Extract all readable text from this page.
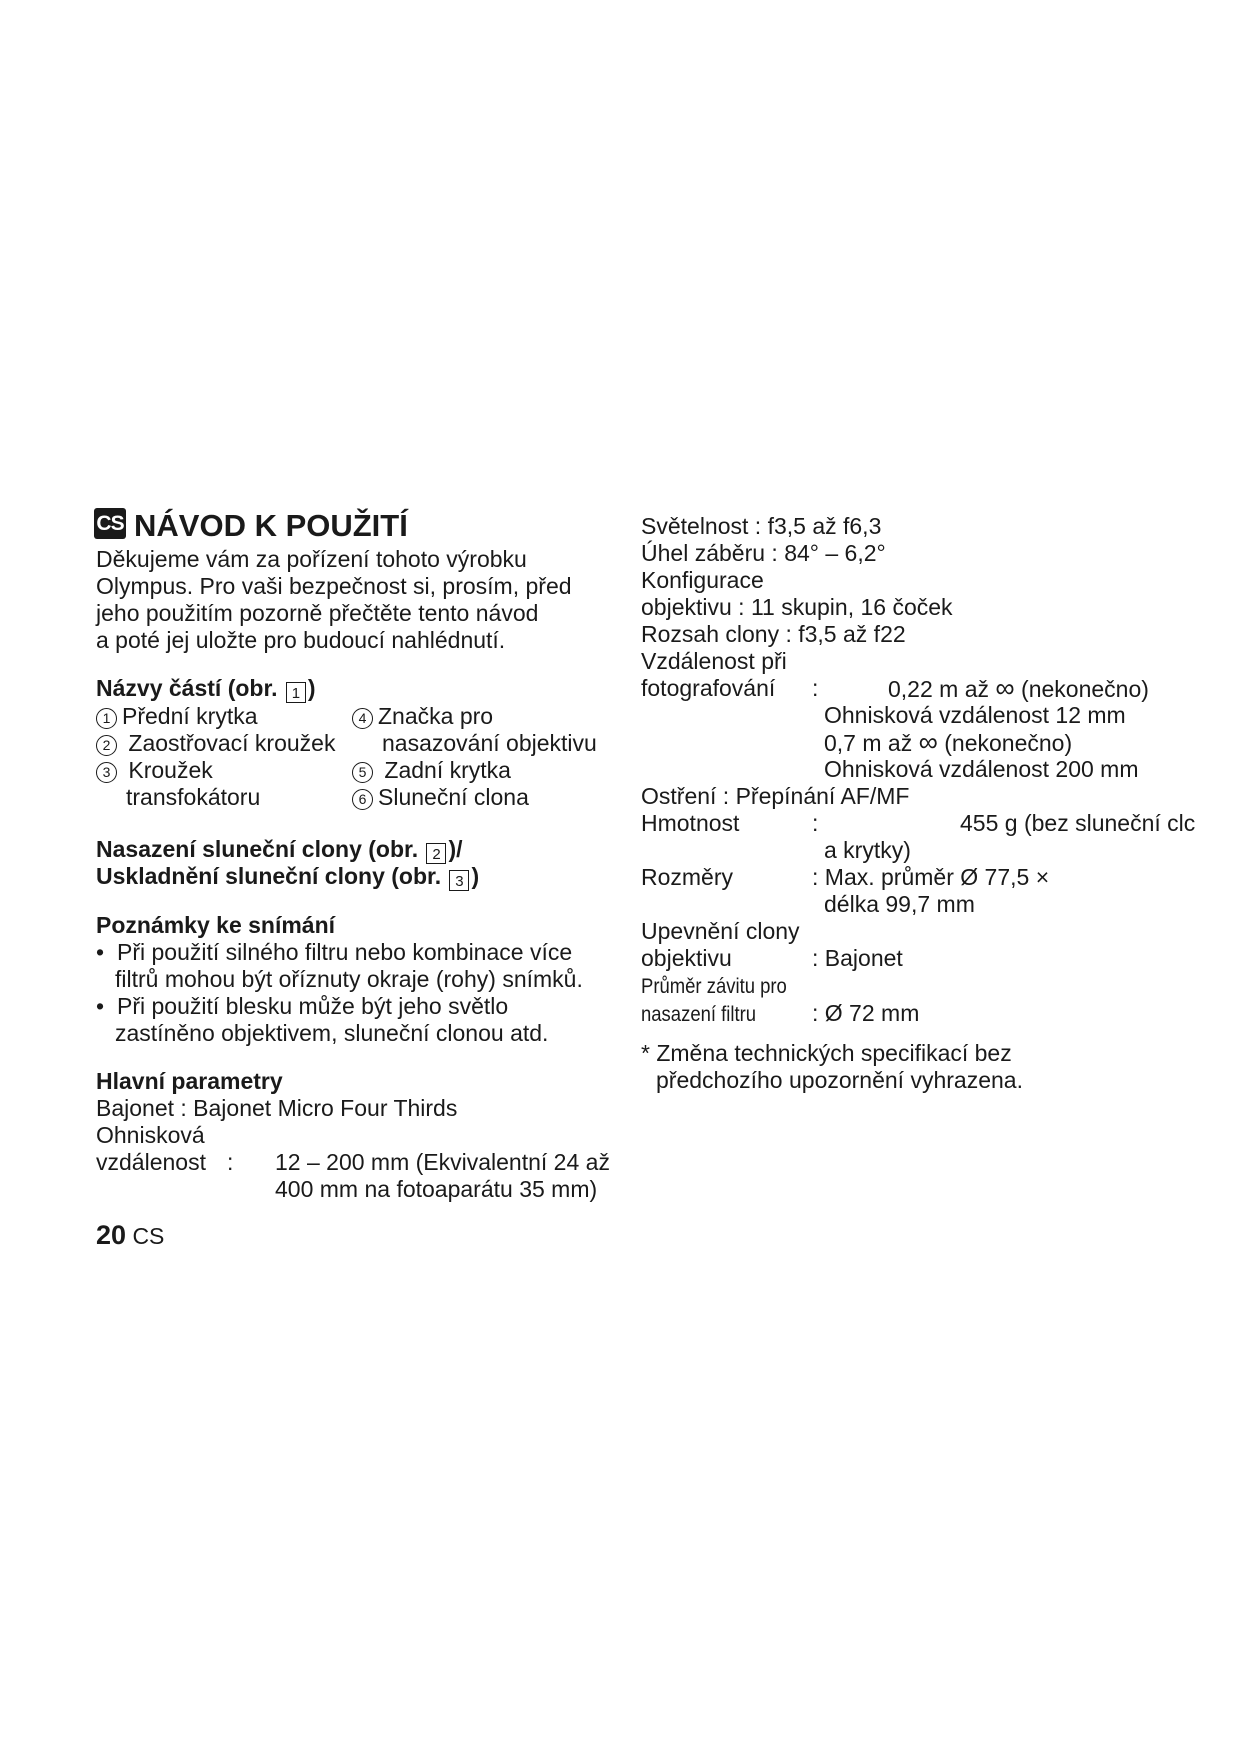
CS NÁVOD K POUŽITÍ
Děkujeme vám za pořízení tohoto výrobku
Olympus. Pro vaši bezpečnost si, prosím, před
jeho použitím pozorně přečtěte tento návod
a poté jej uložte pro budoucí nahlédnutí.
Názvy částí (obr. 1 )
1 Přední krytka
2 Zaostřovací kroužek
3 Kroužek
transfokátoru
4 Značka pro
nasazování objektivu
5 Zadní krytka
6 Sluneční clona
Nasazení sluneční clony (obr. 2 )/
Uskladnění sluneční clony (obr. 3 )
Poznámky ke snímání
• Při použití silného filtru nebo kombinace více
filtrů mohou být oříznuty okraje (rohy) snímků.
• Při použití blesku může být jeho světlo
zastíněno objektivem, sluneční clonou atd.
Hlavní parametry
Bajonet : Bajonet Micro Four Thirds
Ohnisková
vzdálenost : 12 – 200 mm (Ekvivalentní 24 až
400 mm na fotoaparátu 35 mm)
20 CS
Světelnost : f3,5 až f6,3
Úhel záběru : 84° – 6,2°
Konfigurace
objektivu : 11 skupin, 16 čoček
Rozsah clony : f3,5 až f22
Vzdálenost při
fotografování :	0,22 m až ∞ (nekonečno)
Ohnisková vzdálenost 12 mm
0,7 m až ∞ (nekonečno)
Ohnisková vzdálenost 200 mm
Ostření : Přepínání AF/MF
Hmotnost	:	455 g (bez sluneční clc
a krytky)
Rozměry	: Max. průměr Ø 77,5 ×
délka 99,7 mm
Upevnění clony
objektivu	: Bajonet
Průměr závitu pro
nasazení filtru	: Ø 72 mm
* Změna technických specifikací bez
předchozího upozornění vyhrazena.
